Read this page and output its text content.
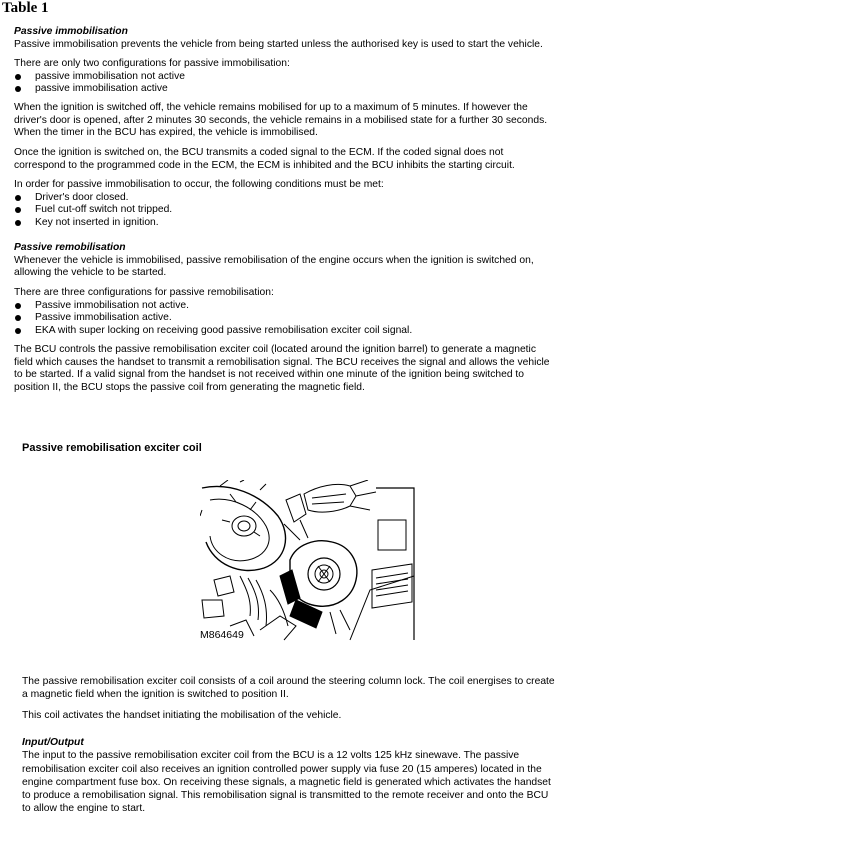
Table 1

Passive immobilisation

Passive immobilisation prevents the vehicle from being started unless the authorised key is used to start the vehicle.

There are only two configurations for passive immobilisation:

passive immobilisation not active

passive immobilisation active

When the ignition is switched off, the vehicle remains mobilised for up to a maximum of 5 minutes. If however the

driver's door is opened, after 2 minutes 30 seconds, the vehicle remains in a mobilised state for a further 30 seconds.

When the timer in the BCU has expired, the vehicle is immobilised.

Once the ignition is switched on, the BCU transmits a coded signal to the ECM. If the coded signal does not

correspond to the programmed code in the ECM, the ECM is inhibited and the BCU inhibits the starting circuit.

In order for passive immobilisation to occur, the following conditions must be met:

Driver's door closed.

Fuel cut-off switch not tripped.

Key not inserted in ignition.

Passive remobilisation

Whenever the vehicle is immobilised, passive remobilisation of the engine occurs when the ignition is switched on,

allowing the vehicle to be started.

There are three configurations for passive remobilisation:

Passive immobilisation not active.

Passive immobilisation active.

EKA with super locking on receiving good passive remobilisation exciter coil signal.

The BCU controls the passive remobilisation exciter coil (located around the ignition barrel) to generate a magnetic

field which causes the handset to transmit a remobilisation signal. The BCU receives the signal and allows the vehicle

to be started. If a valid signal from the handset is not received within one minute of the ignition being switched to

position II, the BCU stops the passive coil from generating the magnetic field.

Passive remobilisation exciter coil
M864649

The passive remobilisation exciter coil consists of a coil around the steering column lock. The coil energises to create

a magnetic field when the ignition is switched to position II.

This coil activates the handset initiating the mobilisation of the vehicle.

Input/Output

The input to the passive remobilisation exciter coil from the BCU is a 12 volts 125 kHz sinewave. The passive

remobilisation exciter coil also receives an ignition controlled power supply via fuse 20 (15 amperes) located in the

engine compartment fuse box. On receiving these signals, a magnetic field is generated which activates the handset

to produce a remobilisation signal. This remobilisation signal is transmitted to the remote receiver and onto the BCU

to allow the engine to start.
